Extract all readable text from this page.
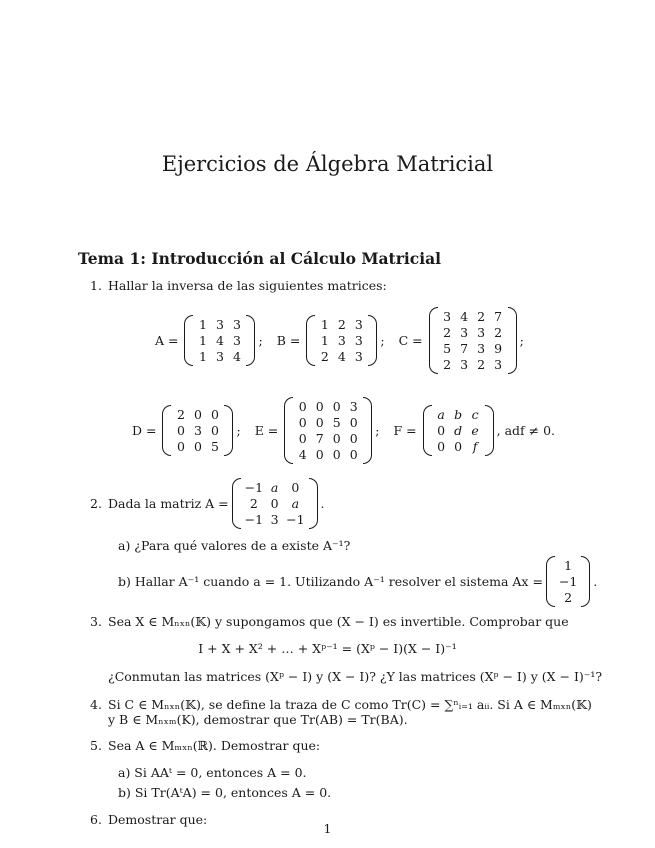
Ejercicios de Álgebra Matricial
Tema 1: Introducción al Cálculo Matricial
1. Hallar la inversa de las siguientes matrices:
A =
1 3 3
1 4 3
1 3 4
; B =
1 2 3
1 3 3
2 4 3
; C =
3 4 2 7
2 3 3 2
5 7 3 9
2 3 2 3
;
D =
2 0 0
0 3 0
0 0 5
; E =
0 0 0 3
0 0 5 0
0 7 0 0
4 0 0 0
; F =
a b c
0 d e
0 0 f
, adf ≠ 0.
2. Dada la matriz A =
−1 a	0
2	0	a
−1 3 −1
.
a) ¿Para qué valores de a existe A⁻¹?
b) Hallar A⁻¹ cuando a = 1. Utilizando A⁻¹ resolver el sistema Ax =
1
−1
2
.
3. Sea X ∈ Mₙₓₙ(𝕂) y supongamos que (X − I) es invertible. Comprobar que
I + X + X² + … + Xᵖ⁻¹ = (Xᵖ − I)(X − I)⁻¹
¿Conmutan las matrices (Xᵖ − I) y (X − I)? ¿Y las matrices (Xᵖ − I) y (X − I)⁻¹?
4. Si C ∈ Mₙₓₙ(𝕂), se define la traza de C como Tr(C) = ∑ⁿᵢ₌₁ aᵢᵢ. Si A ∈ Mₘₓₙ(𝕂)
y B ∈ Mₙₓₘ(K), demostrar que Tr(AB) = Tr(BA).
5. Sea A ∈ Mₘₓₙ(ℝ). Demostrar que:
a) Si AAᵗ = 0, entonces A = 0.
b) Si Tr(AᵗA) = 0, entonces A = 0.
6. Demostrar que:
1
